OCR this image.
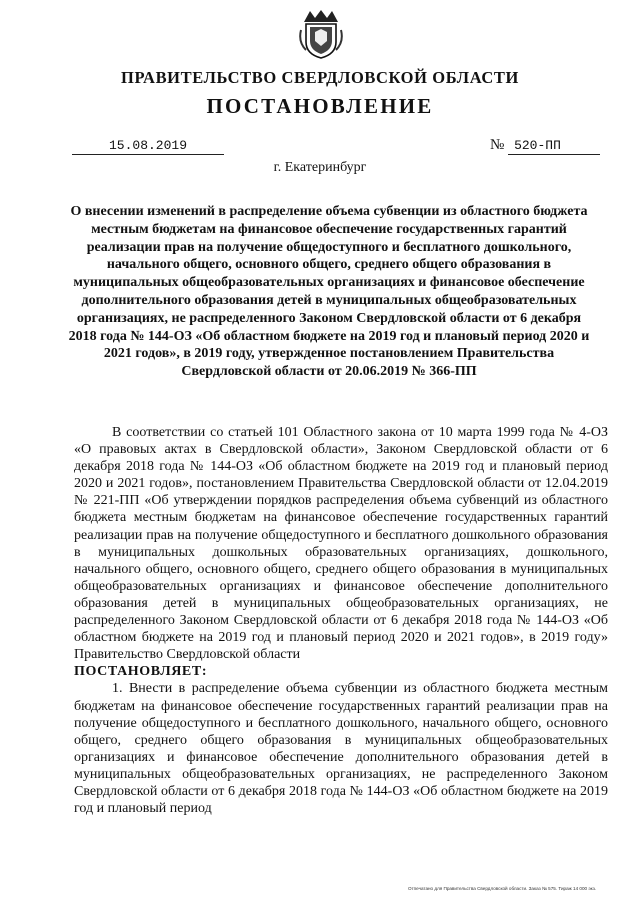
ПРАВИТЕЛЬСТВО СВЕРДЛОВСКОЙ ОБЛАСТИ
ПОСТАНОВЛЕНИЕ
15.08.2019	№ 520-ПП
г. Екатеринбург
О внесении изменений в распределение объема субвенции из областного бюджета местным бюджетам на финансовое обеспечение государственных гарантий реализации прав на получение общедоступного и бесплатного дошкольного, начального общего, основного общего, среднего общего образования в муниципальных общеобразовательных организациях и финансовое обеспечение дополнительного образования детей в муниципальных общеобразовательных организациях, не распределенного Законом Свердловской области от 6 декабря 2018 года № 144-ОЗ «Об областном бюджете на 2019 год и плановый период 2020 и 2021 годов», в 2019 году, утвержденное постановлением Правительства Свердловской области от 20.06.2019 № 366-ПП

В соответствии со статьей 101 Областного закона от 10 марта 1999 года № 4-ОЗ «О правовых актах в Свердловской области», Законом Свердловской области от 6 декабря 2018 года № 144-ОЗ «Об областном бюджете на 2019 год и плановый период 2020 и 2021 годов», постановлением Правительства Свердловской области от 12.04.2019 № 221-ПП «Об утверждении порядков распределения объема субвенций из областного бюджета местным бюджетам на финансовое обеспечение государственных гарантий реализации прав на получение общедоступного и бесплатного дошкольного образования в муниципальных дошкольных образовательных организациях, дошкольного, начального общего, основного общего, среднего общего образования в муниципальных общеобразовательных организациях и финансовое обеспечение дополнительного образования детей в муниципальных общеобразовательных организациях, не распределенного Законом Свердловской области от 6 декабря 2018 года № 144-ОЗ «Об областном бюджете на 2019 год и плановый период 2020 и 2021 годов», в 2019 году» Правительство Свердловской области

ПОСТАНОВЛЯЕТ:

1. Внести в распределение объема субвенции из областного бюджета местным бюджетам на финансовое обеспечение государственных гарантий реализации прав на получение общедоступного и бесплатного дошкольного, начального общего, основного общего, среднего общего образования в муниципальных общеобразовательных организациях и финансовое обеспечение дополнительного образования детей в муниципальных общеобразовательных организациях, не распределенного Законом Свердловской области от 6 декабря 2018 года № 144-ОЗ «Об областном бюджете на 2019 год и плановый период

Отпечатано для Правительства Свердловской области. Заказ № 575. Тираж 14 000 экз.
